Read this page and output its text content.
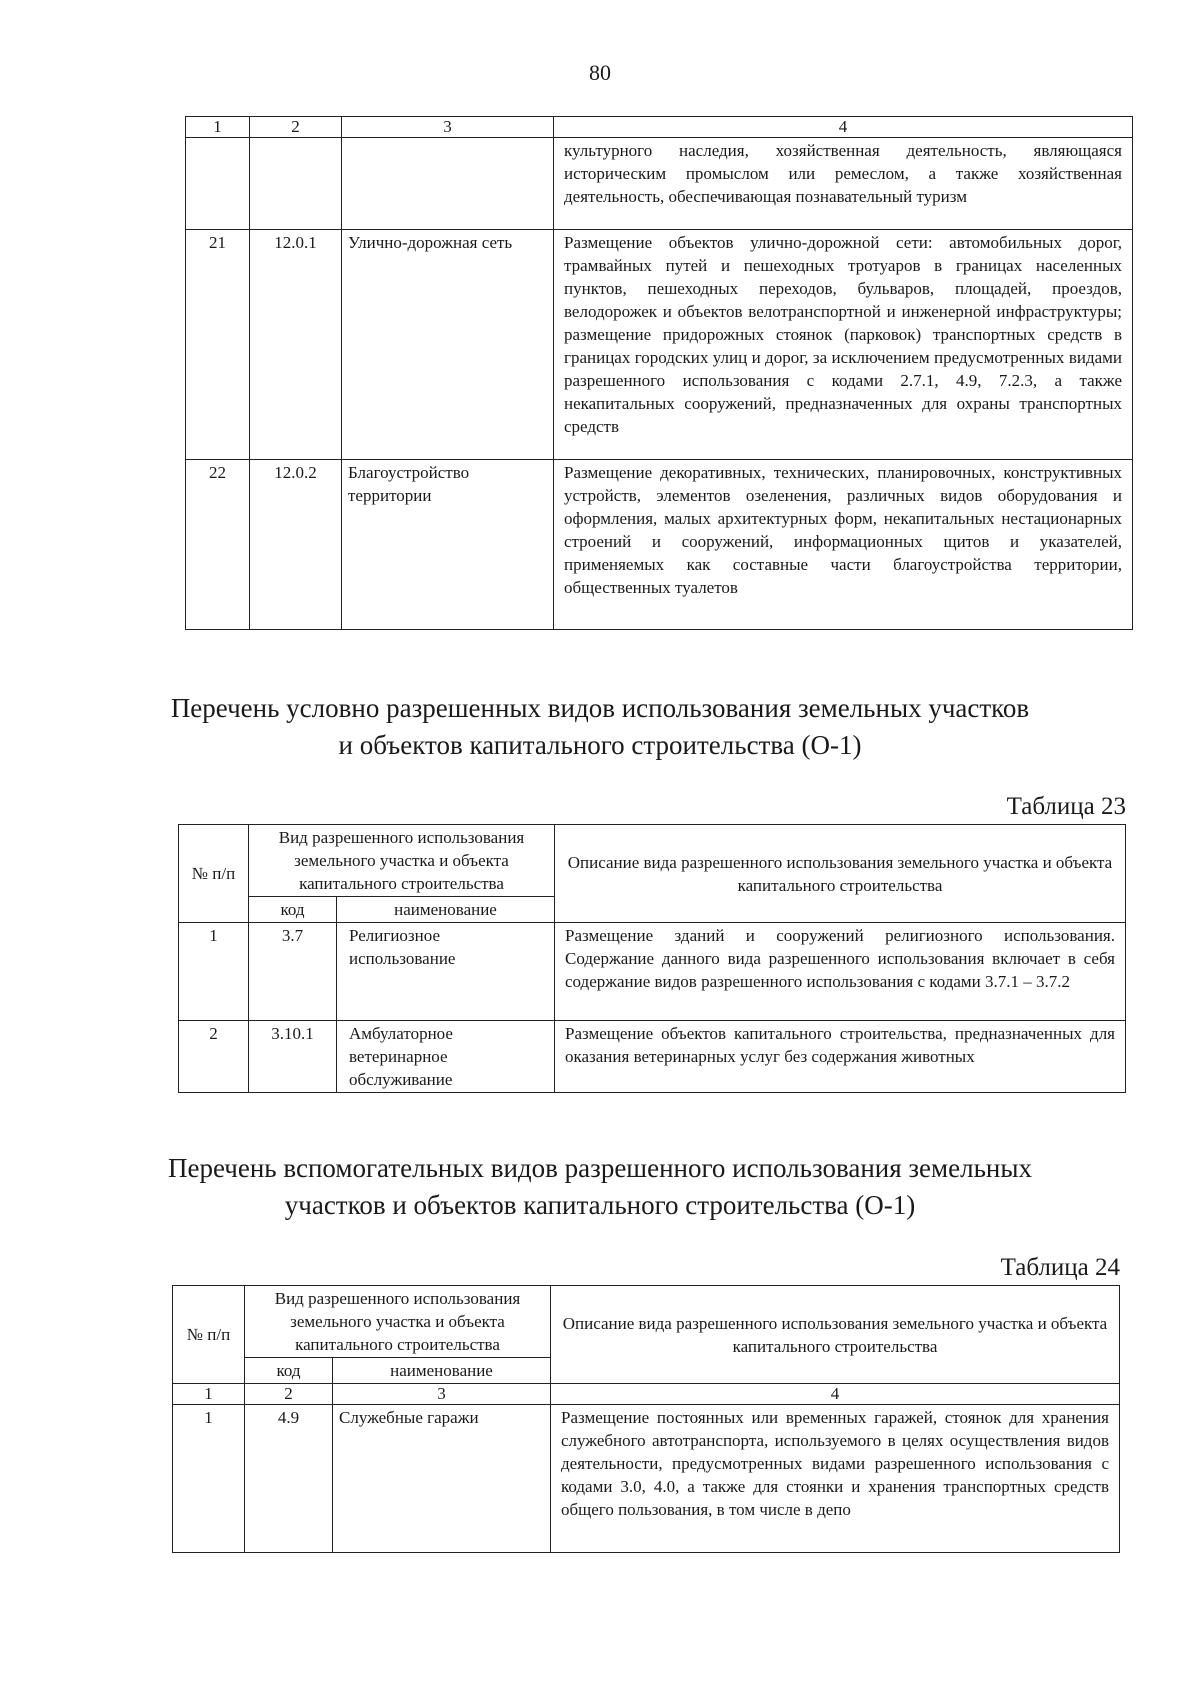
80
1	2	3	4
			культурного наследия, хозяйственная деятельность, являющаяся историческим промыслом или ремеслом, а также хозяйственная деятельность, обеспечивающая познавательный туризм
21	12.0.1	Улично-дорожная сеть	Размещение объектов улично-дорожной сети: автомобильных дорог, трамвайных путей и пешеходных тротуаров в границах населенных пунктов, пешеходных переходов, бульваров, площадей, проездов, велодорожек и объектов велотранспортной и инженерной инфраструктуры; размещение придорожных стоянок (парковок) транспортных средств в границах городских улиц и дорог, за исключением предусмотренных видами разрешенного использования с кодами 2.7.1, 4.9, 7.2.3, а также некапитальных сооружений, предназначенных для охраны транспортных средств
22	12.0.2	Благоустройство территории	Размещение декоративных, технических, планировочных, конструктивных устройств, элементов озеленения, различных видов оборудования и оформления, малых архитектурных форм, некапитальных нестационарных строений и сооружений, информационных щитов и указателей, применяемых как составные части благоустройства территории, общественных туалетов
Перечень условно разрешенных видов использования земельных участков
и объектов капитального строительства (О-1)
Таблица 23
№ п/п	Вид разрешенного использования земельного участка и объекта капитального строительства		Описание вида разрешенного использования земельного участка и объекта капитального строительства
	код	наименование	
1	3.7	Религиозное использование	Размещение зданий и сооружений религиозного использования. Содержание данного вида разрешенного использования включает в себя содержание видов разрешенного использования с кодами 3.7.1 – 3.7.2
2	3.10.1	Амбулаторное ветеринарное обслуживание	Размещение объектов капитального строительства, предназначенных для оказания ветеринарных услуг без содержания животных
Перечень вспомогательных видов разрешенного использования земельных
участков и объектов капитального строительства (О-1)
Таблица 24
№ п/п	Вид разрешенного использования земельного участка и объекта капитального строительства		Описание вида разрешенного использования земельного участка и объекта капитального строительства
	код	наименование	
1	2	3	4
1	4.9	Служебные гаражи	Размещение постоянных или временных гаражей, стоянок для хранения служебного автотранспорта, используемого в целях осуществления видов деятельности, предусмотренных видами разрешенного использования с кодами 3.0, 4.0, а также для стоянки и хранения транспортных средств общего пользования, в том числе в депо
